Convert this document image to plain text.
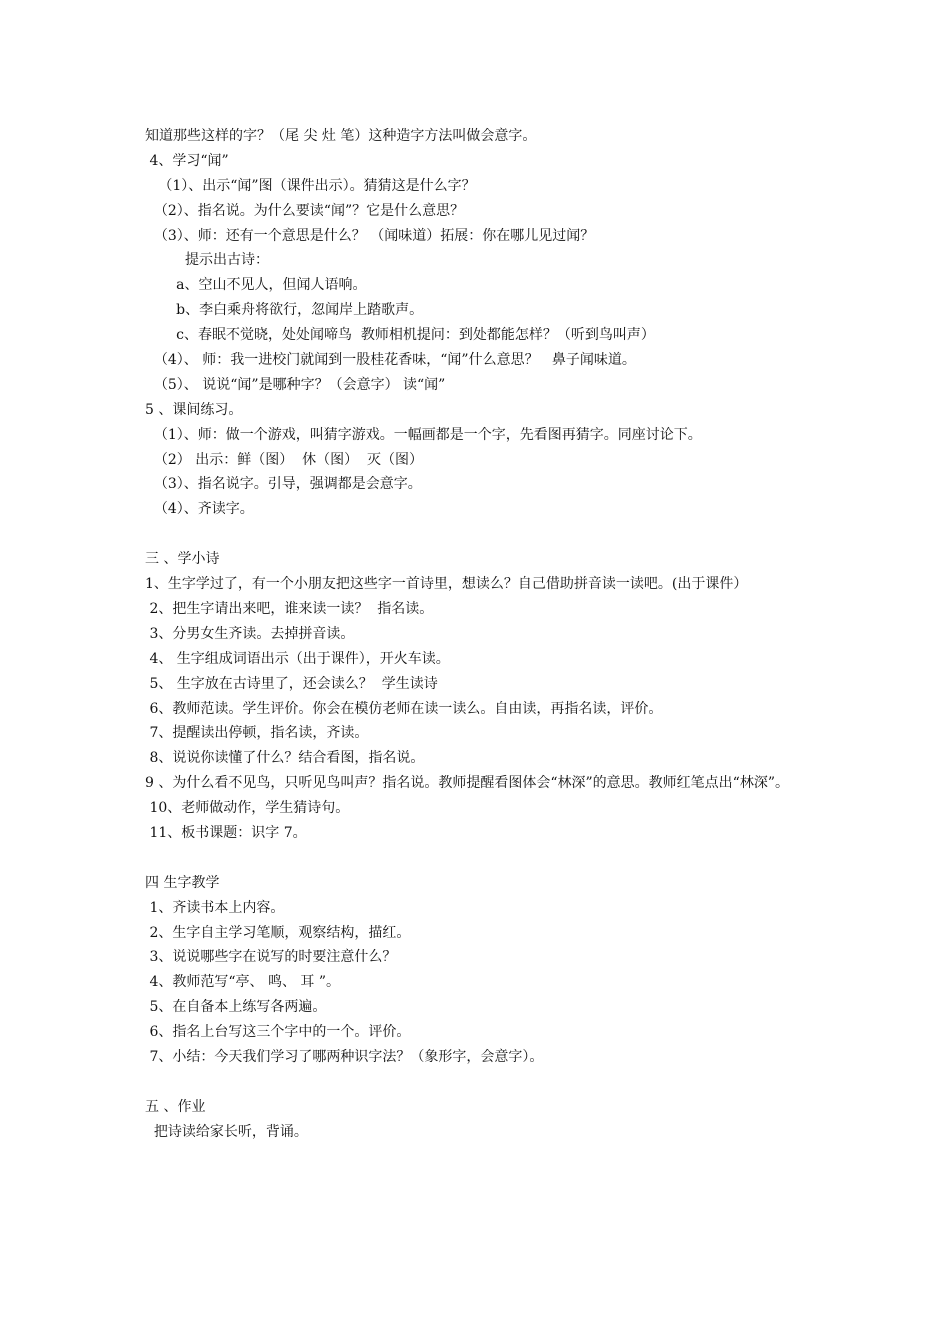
知道那些这样的字？（尾 尖 灶 笔）这种造字方法叫做会意字。
4、学习“闻”
（1）、出示“闻”图（课件出示）。猜猜这是什么字？
（2）、指名说。为什么要读“闻”？它是什么意思？
（3）、师：还有一个意思是什么？ （闻味道）拓展：你在哪儿见过闻？
提示出古诗：
a、空山不见人，但闻人语响。
b、李白乘舟将欲行，忽闻岸上踏歌声。
c、春眠不觉晓，处处闻啼鸟  教师相机提问：到处都能怎样？（听到鸟叫声）
（4）、 师：我一进校门就闻到一股桂花香味，“闻”什么意思？   鼻子闻味道。
（5）、 说说“闻”是哪种字？（会意字） 读“闻”
5 、课间练习。
（1）、师：做一个游戏，叫猜字游戏。一幅画都是一个字，先看图再猜字。同座讨论下。
（2） 出示：鲜（图）  休（图）  灭（图）
（3）、指名说字。引导，强调都是会意字。
（4）、齐读字。
三 、学小诗
1、生字学过了，有一个小朋友把这些字一首诗里，想读么？自己借助拼音读一读吧。(出于课件）
2、把生字请出来吧，谁来读一读？  指名读。
3、分男女生齐读。去掉拼音读。
4、 生字组成词语出示（出于课件），开火车读。
5、 生字放在古诗里了，还会读么？  学生读诗
6、教师范读。学生评价。你会在模仿老师在读一读么。自由读，再指名读，评价。
7、提醒读出停顿，指名读，齐读。
8、说说你读懂了什么？结合看图，指名说。
9 、为什么看不见鸟，只听见鸟叫声？指名说。教师提醒看图体会“林深”的意思。教师红笔点出“林深”。
10、老师做动作，学生猜诗句。
11、板书课题：识字 7。
四 生字教学
1、齐读书本上内容。
2、生字自主学习笔顺，观察结构，描红。
3、说说哪些字在说写的时要注意什么？
4、教师范写“亭、 鸣、 耳 ”。
5、在自备本上练写各两遍。
6、指名上台写这三个字中的一个。评价。
7、小结：今天我们学习了哪两种识字法？（象形字，会意字）。
五 、作业
把诗读给家长听，背诵。
